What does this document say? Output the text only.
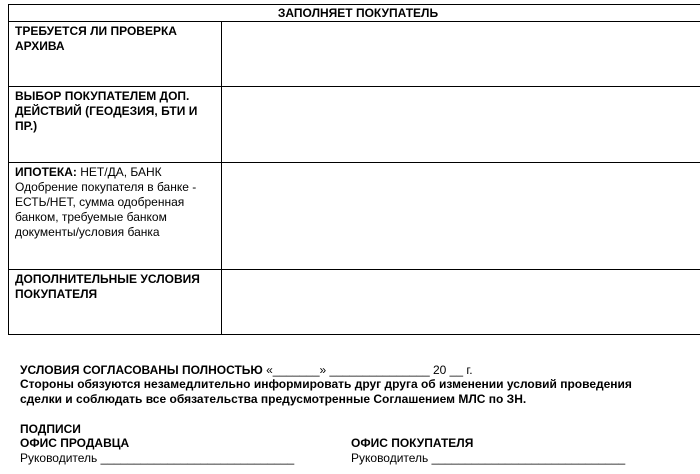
ЗАПОЛНЯЕТ ПОКУПАТЕЛЬ	
ТРЕБУЕТСЯ ЛИ ПРОВЕРКА АРХИВА	
ВЫБОР ПОКУПАТЕЛЕМ ДОП. ДЕЙСТВИЙ (ГЕОДЕЗИЯ, БТИ И ПР.)	
ИПОТЕКА: НЕТ/ДА, БАНК
Одобрение покупателя в банке - ЕСТЬ/НЕТ, сумма одобренная банком, требуемые банком документы/условия банка	
ДОПОЛНИТЕЛЬНЫЕ УСЛОВИЯ ПОКУПАТЕЛЯ	
УСЛОВИЯ СОГЛАСОВАНЫ ПОЛНОСТЬЮ «_______» _______________ 20 __ г.
Стороны обязуются незамедлительно информировать друг друга об изменении условий проведения
сделки и соблюдать все обязательства предусмотренные Соглашением МЛС по ЗН.
ПОДПИСИ
ОФИС ПРОДАВЦА
Руководитель _____________________________
ОФИС ПОКУПАТЕЛЯ
Руководитель _____________________________
